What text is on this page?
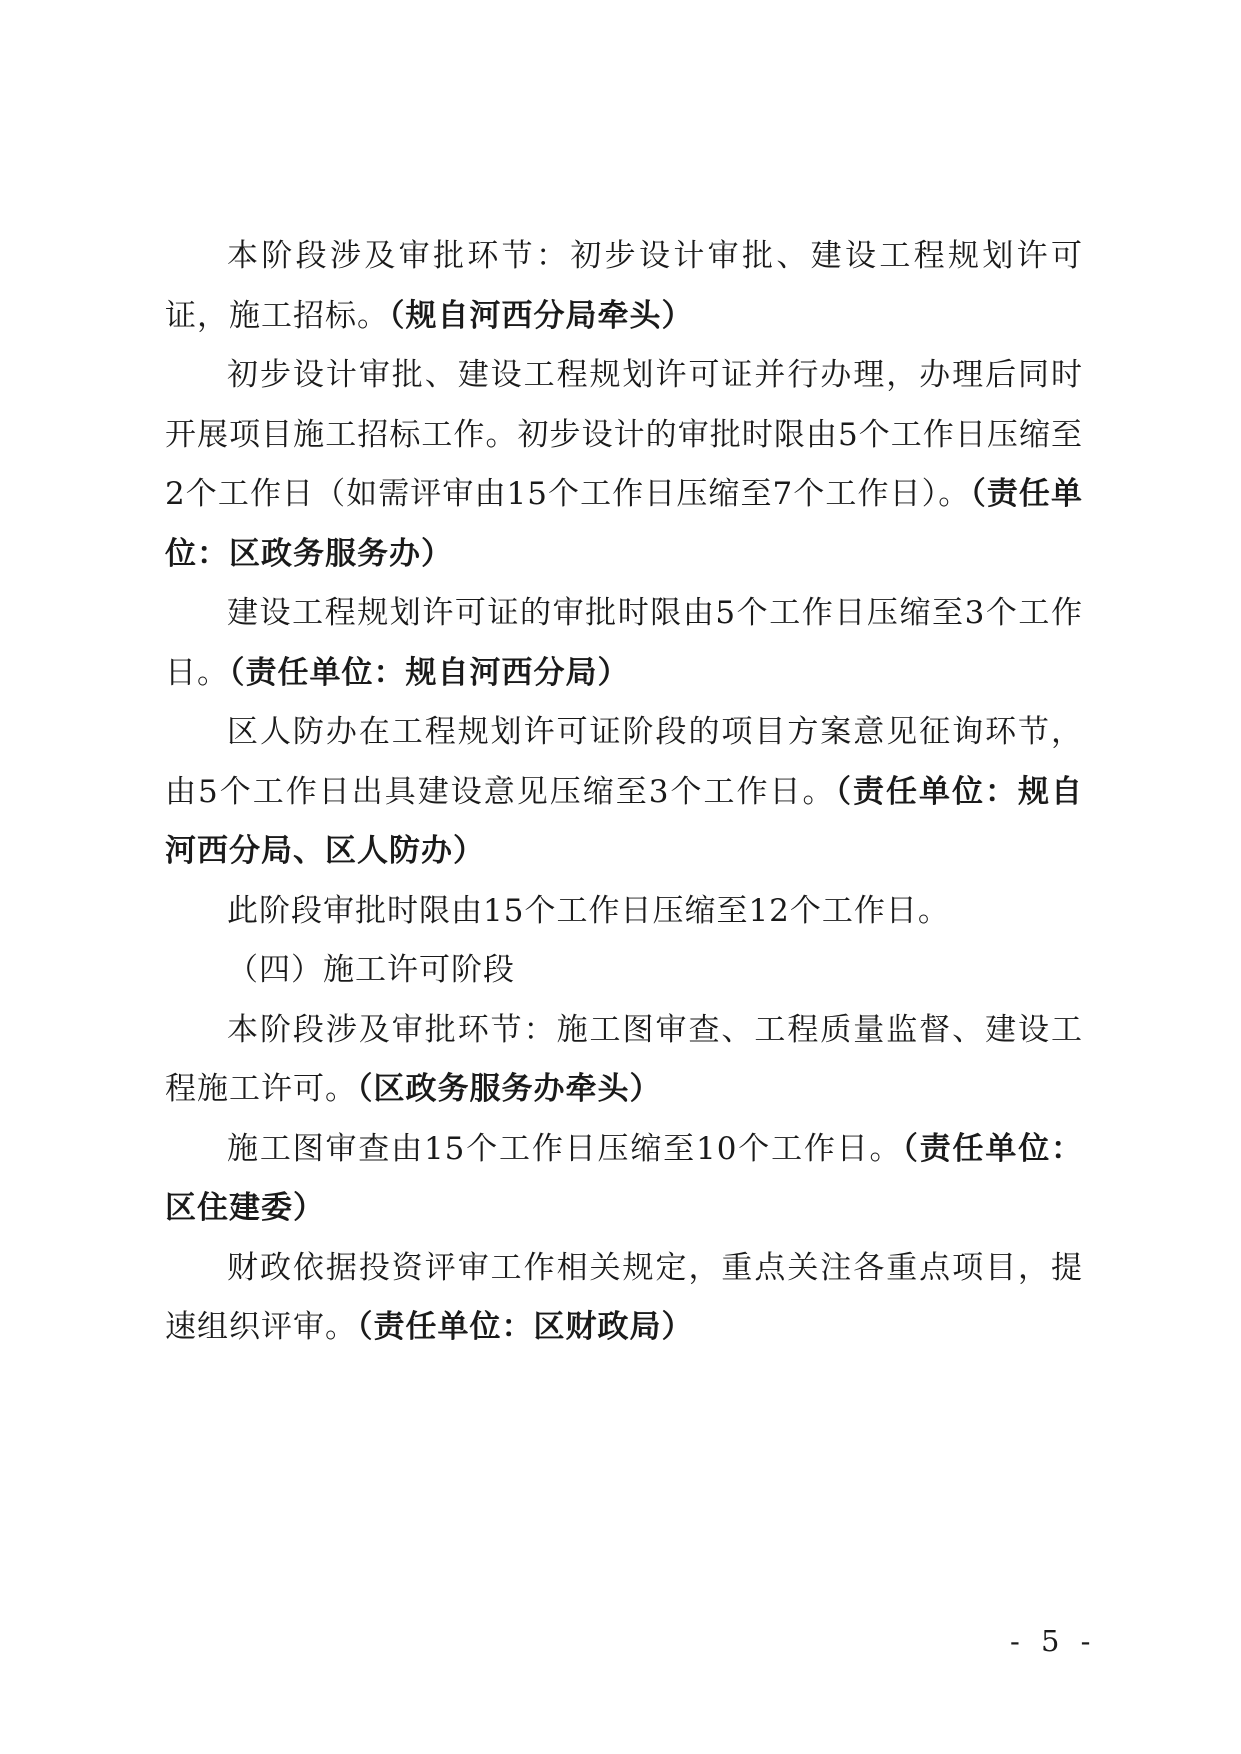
本阶段涉及审批环节：初步设计审批、建设工程规划许可证，施工招标。（规自河西分局牵头）

初步设计审批、建设工程规划许可证并行办理，办理后同时开展项目施工招标工作。初步设计的审批时限由5个工作日压缩至2个工作日（如需评审由15个工作日压缩至7个工作日）。（责任单位：区政务服务办）

建设工程规划许可证的审批时限由5个工作日压缩至3个工作日。（责任单位：规自河西分局）

区人防办在工程规划许可证阶段的项目方案意见征询环节，由5个工作日出具建设意见压缩至3个工作日。（责任单位：规自河西分局、区人防办）

此阶段审批时限由15个工作日压缩至12个工作日。

（四）施工许可阶段

本阶段涉及审批环节：施工图审查、工程质量监督、建设工程施工许可。（区政务服务办牵头）

施工图审查由15个工作日压缩至10个工作日。（责任单位：区住建委）

财政依据投资评审工作相关规定，重点关注各重点项目，提速组织评审。（责任单位：区财政局）

- 5 -
